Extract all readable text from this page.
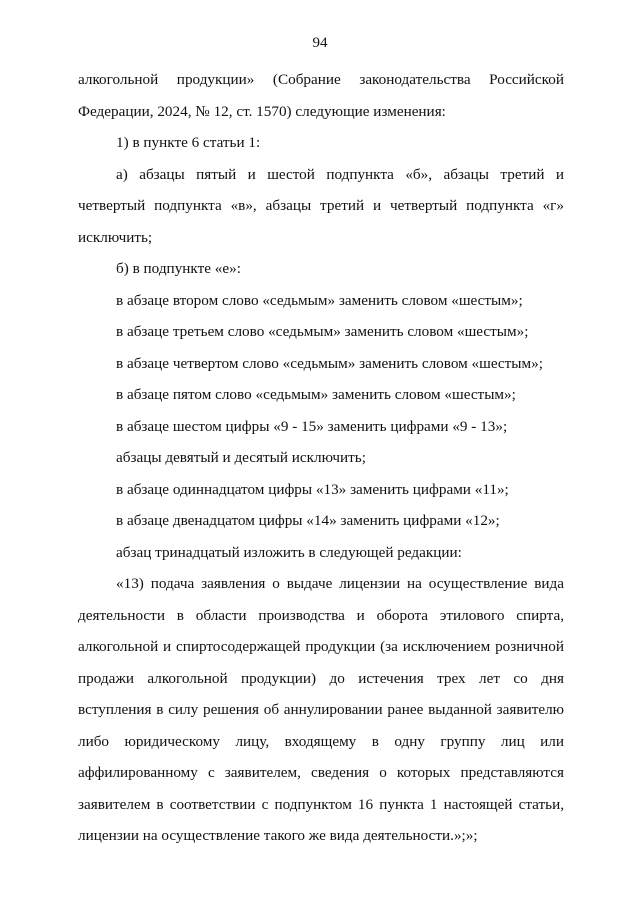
94

алкогольной продукции» (Собрание законодательства Российской Федерации, 2024, № 12, ст. 1570) следующие изменения:

1) в пункте 6 статьи 1:

а) абзацы пятый и шестой подпункта «б», абзацы третий и четвертый подпункта «в», абзацы третий и четвертый подпункта «г» исключить;

б) в подпункте «е»:

в абзаце втором слово «седьмым» заменить словом «шестым»;

в абзаце третьем слово «седьмым» заменить словом «шестым»;

в абзаце четвертом слово «седьмым» заменить словом «шестым»;

в абзаце пятом слово «седьмым» заменить словом «шестым»;

в абзаце шестом цифры «9 - 15» заменить цифрами «9 - 13»;

абзацы девятый и десятый исключить;

в абзаце одиннадцатом цифры «13» заменить цифрами «11»;

в абзаце двенадцатом цифры «14» заменить цифрами «12»;

абзац тринадцатый изложить в следующей редакции:

«13) подача заявления о выдаче лицензии на осуществление вида деятельности в области производства и оборота этилового спирта, алкогольной и спиртосодержащей продукции (за исключением розничной продажи алкогольной продукции) до истечения трех лет со дня вступления в силу решения об аннулировании ранее выданной заявителю либо юридическому лицу, входящему в одну группу лиц или аффилированному с заявителем, сведения о которых представляются заявителем в соответствии с подпунктом 16 пункта 1 настоящей статьи, лицензии на осуществление такого же вида деятельности.»;»;
